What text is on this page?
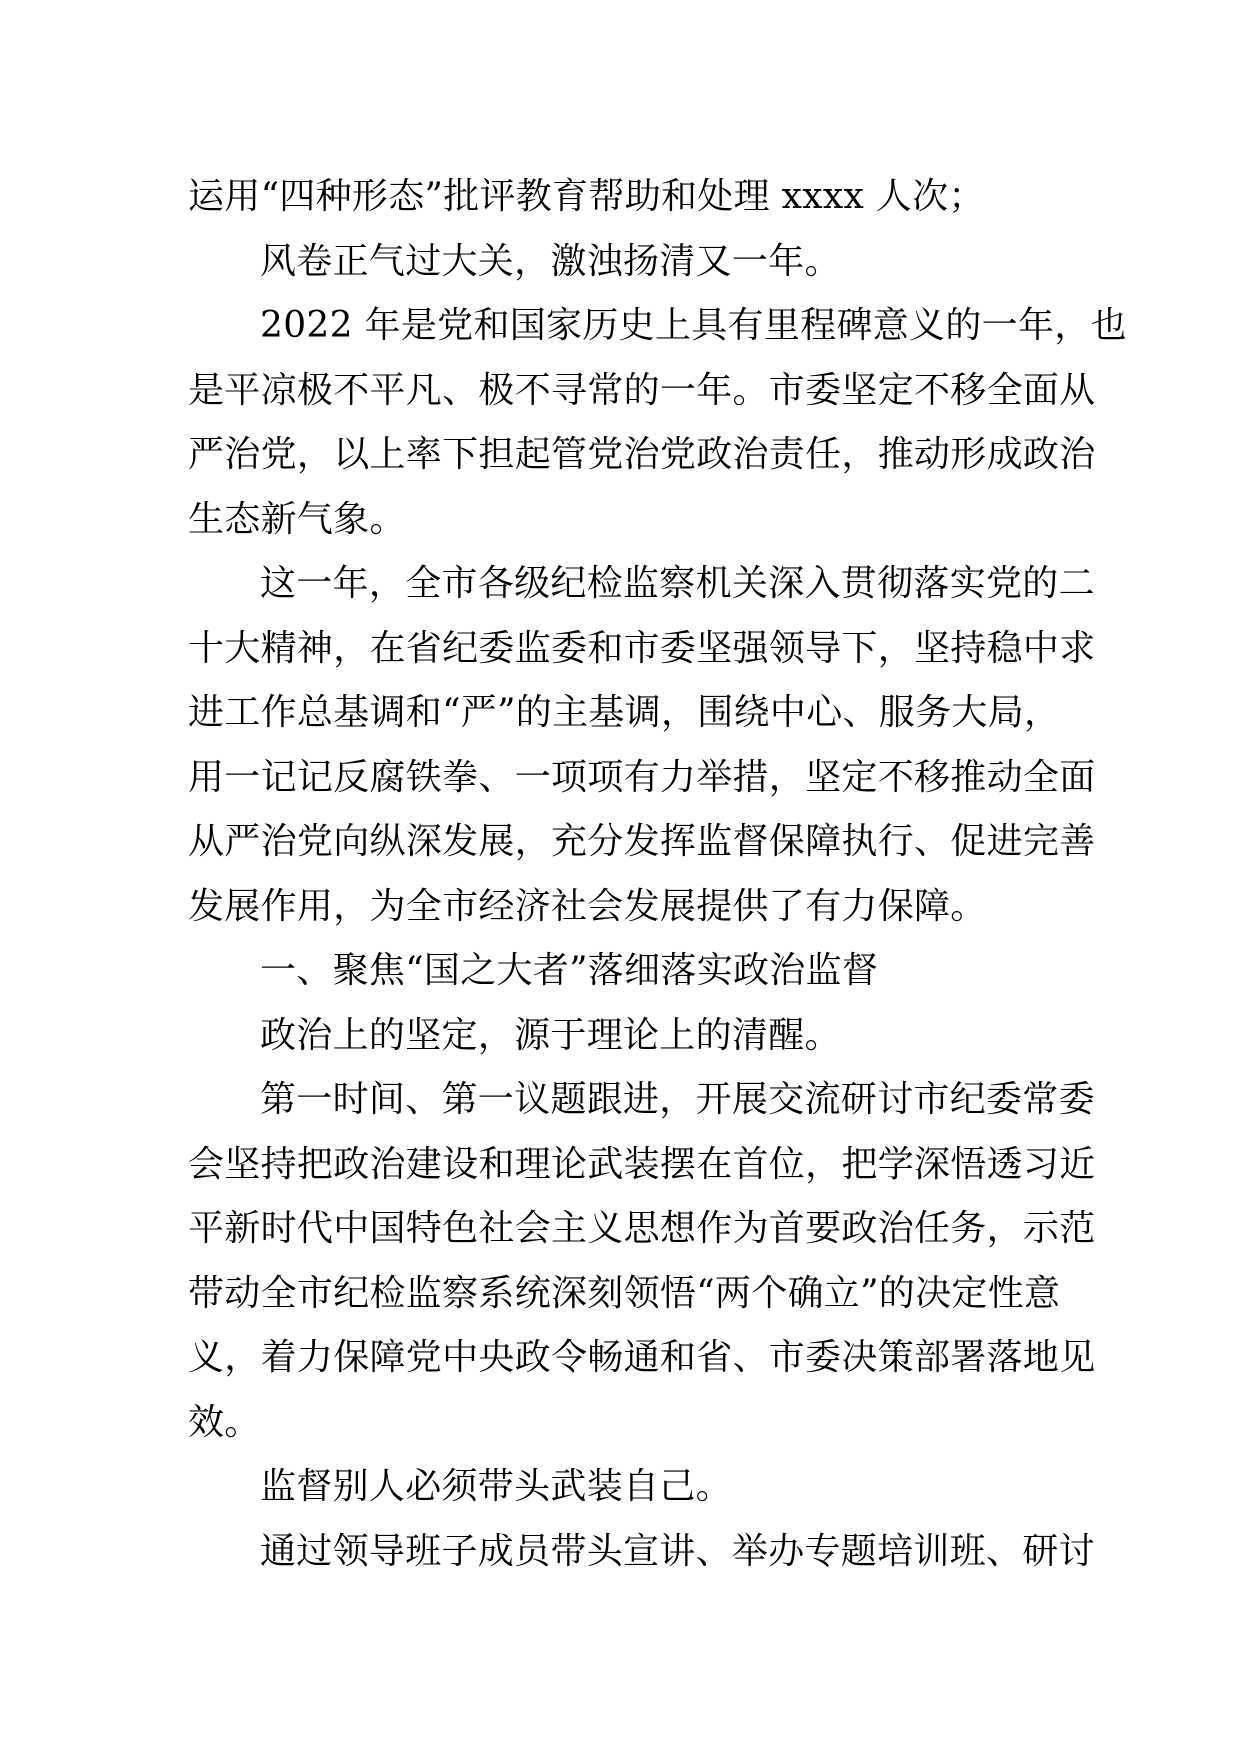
运用“四种形态”批评教育帮助和处理 xxxx 人次；
风卷正气过大关，激浊扬清又一年。
2022 年是党和国家历史上具有里程碑意义的一年，也
是平凉极不平凡、极不寻常的一年。市委坚定不移全面从
严治党，以上率下担起管党治党政治责任，推动形成政治
生态新气象。
这一年，全市各级纪检监察机关深入贯彻落实党的二
十大精神，在省纪委监委和市委坚强领导下，坚持稳中求
进工作总基调和“严”的主基调，围绕中心、服务大局，
用一记记反腐铁拳、一项项有力举措，坚定不移推动全面
从严治党向纵深发展，充分发挥监督保障执行、促进完善
发展作用，为全市经济社会发展提供了有力保障。
一、聚焦“国之大者”落细落实政治监督
政治上的坚定，源于理论上的清醒。
第一时间、第一议题跟进，开展交流研讨市纪委常委
会坚持把政治建设和理论武装摆在首位，把学深悟透习近
平新时代中国特色社会主义思想作为首要政治任务，示范
带动全市纪检监察系统深刻领悟“两个确立”的决定性意
义，着力保障党中央政令畅通和省、市委决策部署落地见
效。
监督别人必须带头武装自己。
通过领导班子成员带头宣讲、举办专题培训班、研讨
